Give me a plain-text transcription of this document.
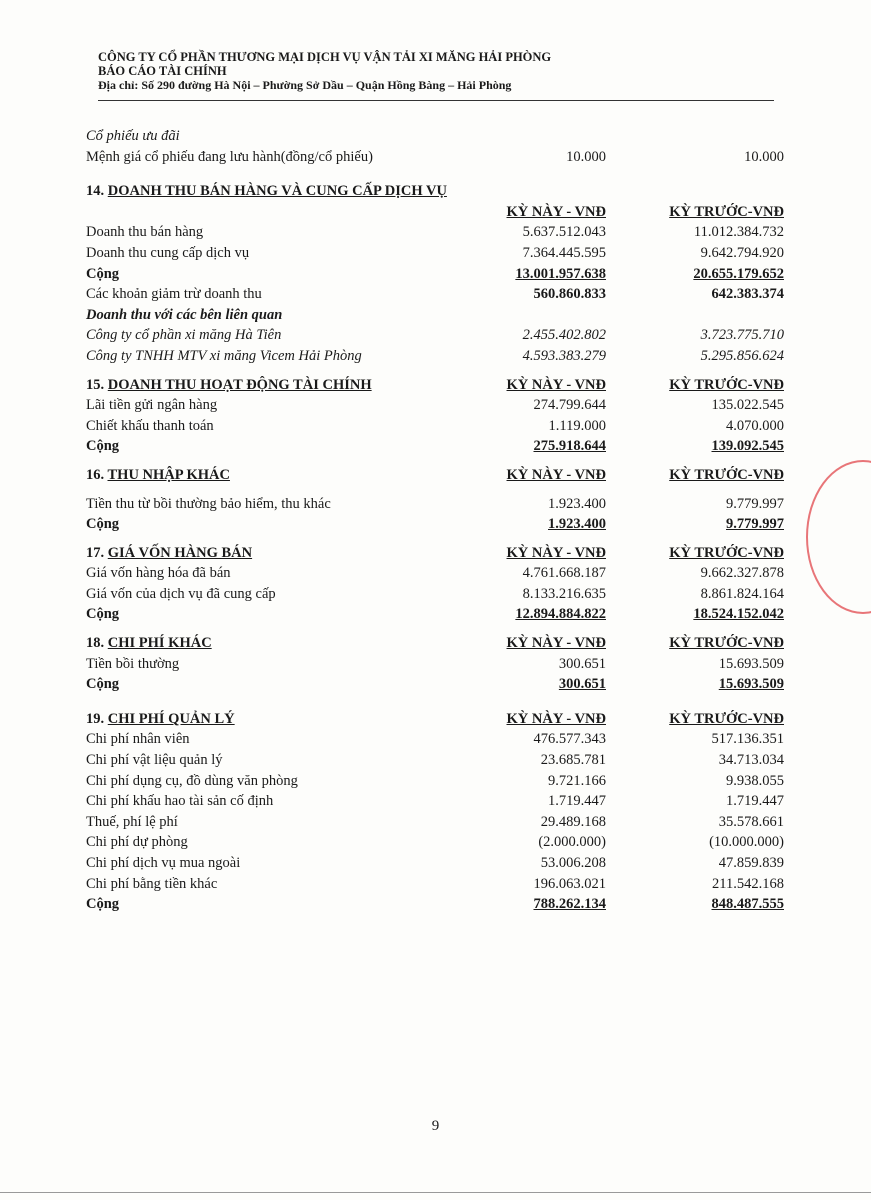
CÔNG TY CỔ PHẦN THƯƠNG MẠI DỊCH VỤ VẬN TẢI XI MĂNG HẢI PHÒNG
BÁO CÁO TÀI CHÍNH
Địa chỉ: Số 290 đường Hà Nội – Phường Sở Dầu – Quận Hồng Bàng – Hải Phòng
Cổ phiếu ưu đãi
Mệnh giá cổ phiếu đang lưu hành(đồng/cổ phiếu)	10.000	10.000
14. DOANH THU BÁN HÀNG VÀ CUNG CẤP DỊCH VỤ
KỲ NÀY - VNĐ	KỲ TRƯỚC-VNĐ
Doanh thu bán hàng	5.637.512.043	11.012.384.732
Doanh thu cung cấp dịch vụ	7.364.445.595	9.642.794.920
Cộng	13.001.957.638	20.655.179.652
Các khoản giảm trừ doanh thu	560.860.833	642.383.374
Doanh thu với các bên liên quan
Công ty cổ phần xi măng Hà Tiên	2.455.402.802	3.723.775.710
Công ty TNHH MTV xi măng Vicem Hải Phòng	4.593.383.279	5.295.856.624
15. DOANH THU HOẠT ĐỘNG TÀI CHÍNH	KỲ NÀY - VNĐ	KỲ TRƯỚC-VNĐ
Lãi tiền gửi ngân hàng	274.799.644	135.022.545
Chiết khấu thanh toán	1.119.000	4.070.000
Cộng	275.918.644	139.092.545
16. THU NHẬP KHÁC	KỲ NÀY - VNĐ	KỲ TRƯỚC-VNĐ
Tiền thu từ bồi thường bảo hiểm, thu khác	1.923.400	9.779.997
Cộng	1.923.400	9.779.997
17. GIÁ VỐN HÀNG BÁN	KỲ NÀY - VNĐ	KỲ TRƯỚC-VNĐ
Giá vốn hàng hóa đã bán	4.761.668.187	9.662.327.878
Giá vốn của dịch vụ đã cung cấp	8.133.216.635	8.861.824.164
Cộng	12.894.884.822	18.524.152.042
18. CHI PHÍ KHÁC	KỲ NÀY - VNĐ	KỲ TRƯỚC-VNĐ
Tiền bồi thường	300.651	15.693.509
Cộng	300.651	15.693.509
19. CHI PHÍ QUẢN LÝ	KỲ NÀY - VNĐ	KỲ TRƯỚC-VNĐ
Chi phí nhân viên	476.577.343	517.136.351
Chi phí vật liệu quản lý	23.685.781	34.713.034
Chi phí dụng cụ, đồ dùng văn phòng	9.721.166	9.938.055
Chi phí khấu hao tài sản cố định	1.719.447	1.719.447
Thuế, phí lệ phí	29.489.168	35.578.661
Chi phí dự phòng	(2.000.000)	(10.000.000)
Chi phí dịch vụ mua ngoài	53.006.208	47.859.839
Chi phí bằng tiền khác	196.063.021	211.542.168
Cộng	788.262.134	848.487.555
9
